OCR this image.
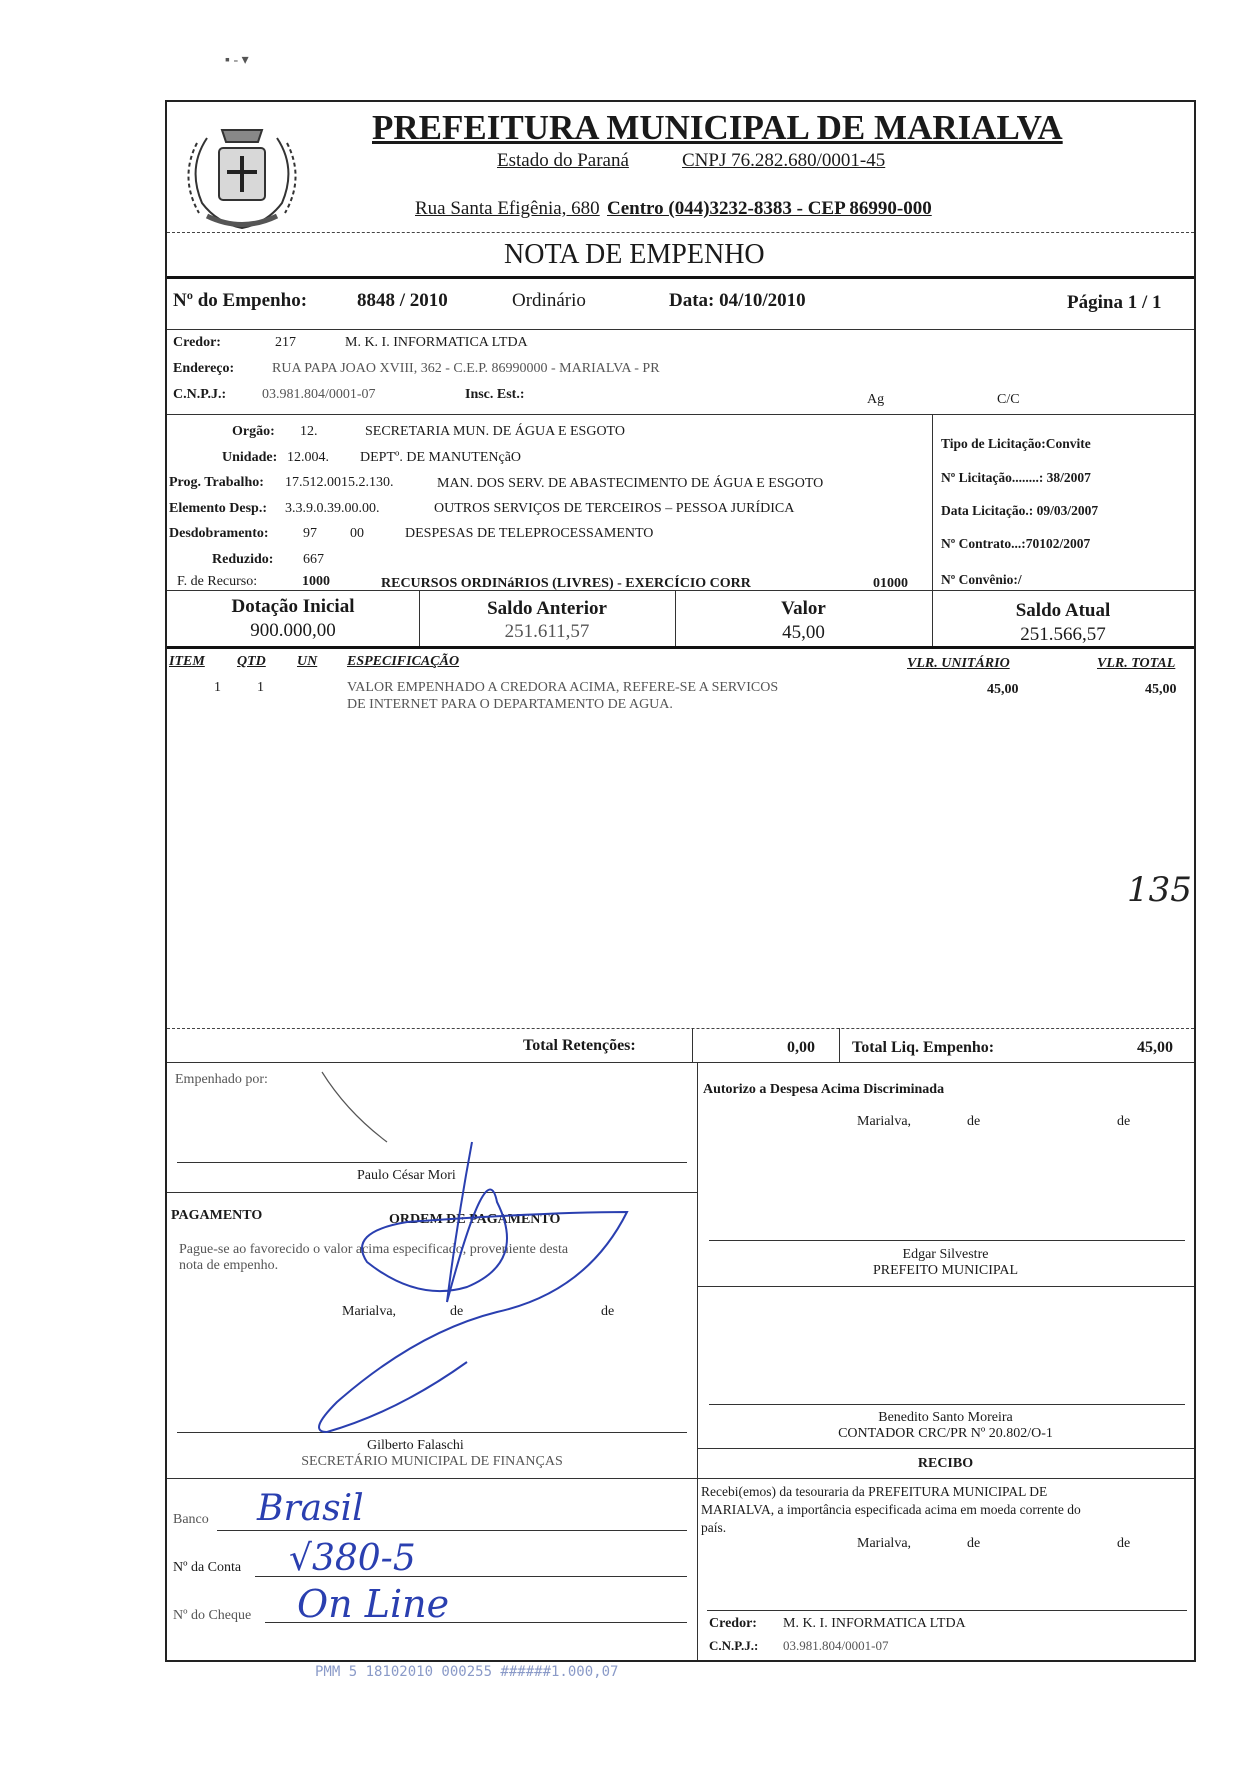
▪ ‑ ▾
PREFEITURA MUNICIPAL DE MARIALVA
Estado do Paraná	CNPJ 76.282.680/0001-45
Rua Santa Efigênia, 680 Centro (044)3232-8383 - CEP 86990-000
NOTA DE EMPENHO
Nº do Empenho:	8848 / 2010	Ordinário	Data: 04/10/2010	Página 1 / 1
Credor:	217	M. K. I. INFORMATICA LTDA
Endereço:	RUA PAPA JOAO XVIII, 362 - C.E.P. 86990000 - MARIALVA - PR
C.N.P.J.:	03.981.804/0001-07	Insc. Est.:	Ag	C/C
Orgão: 12.	SECRETARIA MUN. DE ÁGUA E ESGOTO
Unidade: 12.004. DEPTº. DE MANUTENçãO
Prog. Trabalho: 17.512.0015.2.130.	MAN. DOS SERV. DE ABASTECIMENTO DE ÁGUA E ESGOTO
Elemento Desp.: 3.3.9.0.39.00.00.	OUTROS SERVIÇOS DE TERCEIROS – PESSOA JURÍDICA
Desdobramento: 97 00	DESPESAS DE TELEPROCESSAMENTO
Reduzido: 667
F. de Recurso:	1000	RECURSOS ORDINáRIOS (LIVRES) - EXERCÍCIO CORR	01000
Tipo de Licitação:Convite
Nº Licitação........: 38/2007
Data Licitação.: 09/03/2007
Nº Contrato...:70102/2007
Nº Convênio:/
Dotação Inicial
900.000,00
Saldo Anterior
251.611,57
Valor
45,00
Saldo Atual
251.566,57
ITEM QTD UN ESPECIFICAÇÃO	VLR. UNITÁRIO	VLR. TOTAL
1	1	VALOR EMPENHADO A CREDORA ACIMA, REFERE-SE A SERVICOS
DE INTERNET PARA O DEPARTAMENTO DE AGUA.
45,00	45,00
135
Total Retenções:	0,00 Total Liq. Empenho:	45,00
Empenhado por:
Paulo César Mori
Autorizo a Despesa Acima Discriminada
Marialva,	de	de
Edgar Silvestre
PREFEITO MUNICIPAL
PAGAMENTO	ORDEM DE PAGAMENTO
Pague-se ao favorecido o valor acima especificado, proveniente desta
nota de empenho.
Marialva,	de	de
Gilberto Falaschi
SECRETÁRIO MUNICIPAL DE FINANÇAS
Benedito Santo Moreira
CONTADOR CRC/PR Nº 20.802/O-1
Banco Brasil
Nº da Conta √380-5
Nº do Cheque On Line
RECIBO
Recebi(emos) da tesouraria da PREFEITURA MUNICIPAL DE
MARIALVA, a importância especificada acima em moeda corrente do
país.
Marialva,	de	de
Credor: M. K. I. INFORMATICA LTDA
C.N.P.J.: 03.981.804/0001-07
PMM 5 18102010 000255 ######1.000,07
